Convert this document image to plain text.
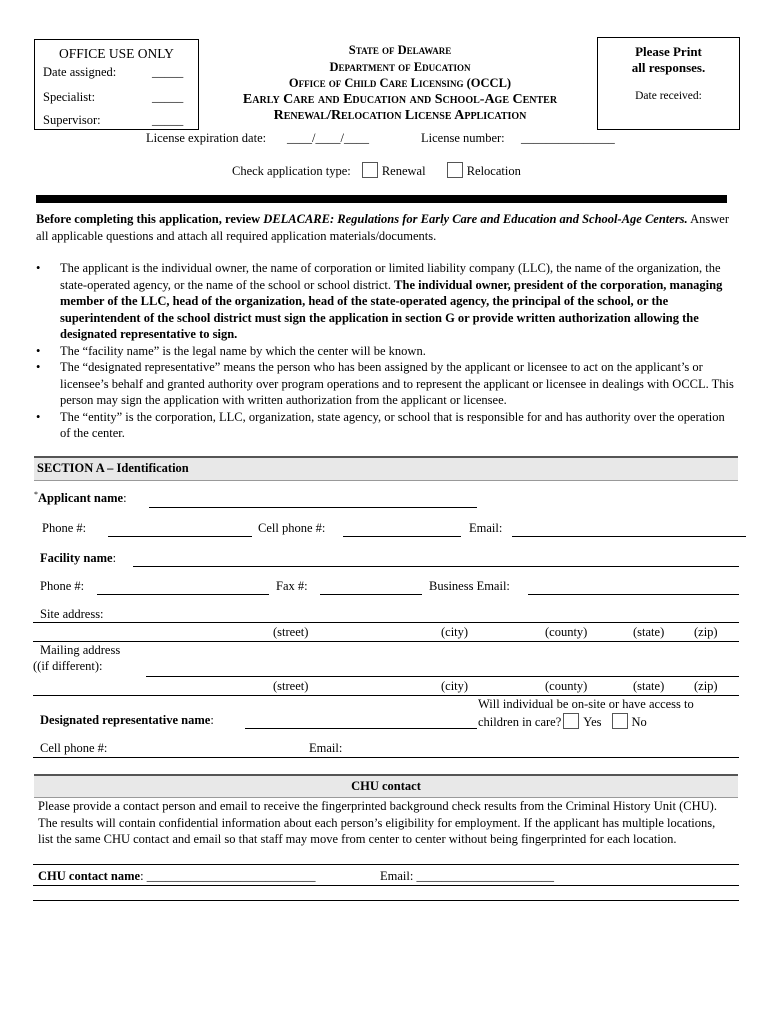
OFFICE USE ONLY
Date assigned:	_____
Specialist:	_____
Supervisor:	_____
State of Delaware
Department of Education
Office of Child Care Licensing (OCCL)
Early Care and Education and School-Age Center
Renewal/Relocation License Application
Please Print
all responses.
Date received:
License expiration date: ____/____/____	License number: _______________
Check application type: Renewal	Relocation
Before completing this application, review DELACARE: Regulations for Early Care and Education and School-Age Centers. Answer all applicable questions and attach all required application materials/documents.
• The applicant is the individual owner, the name of corporation or limited liability company (LLC), the name of the organization, the state-operated agency, or the name of the school or school district. The individual owner, president of the corporation, managing member of the LLC, head of the organization, head of the state-operated agency, the principal of the school, or the superintendent of the school district must sign the application in section G or provide written authorization allowing the designated representative to sign.
• The “facility name” is the legal name by which the center will be known.
• The “designated representative” means the person who has been assigned by the applicant or licensee to act on the applicant’s or licensee’s behalf and granted authority over program operations and to represent the applicant or licensee in dealings with OCCL. This person may sign the application with written authorization from the applicant or licensee.
• The “entity” is the corporation, LLC, organization, state agency, or school that is responsible for and has authority over the operation of the center.
SECTION A – Identification
*Applicant name:
Phone #:	Cell phone #:	Email:
Facility name:
Phone #:	Fax #:	Business Email:
Site address:
(street)	(city)	(county)	(state) (zip)
Mailing address
((if different):
(street)	(city)	(county)	(state) (zip)
Designated representative name:
Will individual be on-site or have access to
children in care? Yes No
Cell phone #:	Email:
CHU contact
Please provide a contact person and email to receive the fingerprinted background check results from the Criminal History Unit (CHU). The results will contain confidential information about each person’s eligibility for employment. If the applicant has multiple locations, list the same CHU contact and email so that staff may move from center to center without being fingerprinted for each location.
CHU contact name: ___________________________	Email: ______________________
